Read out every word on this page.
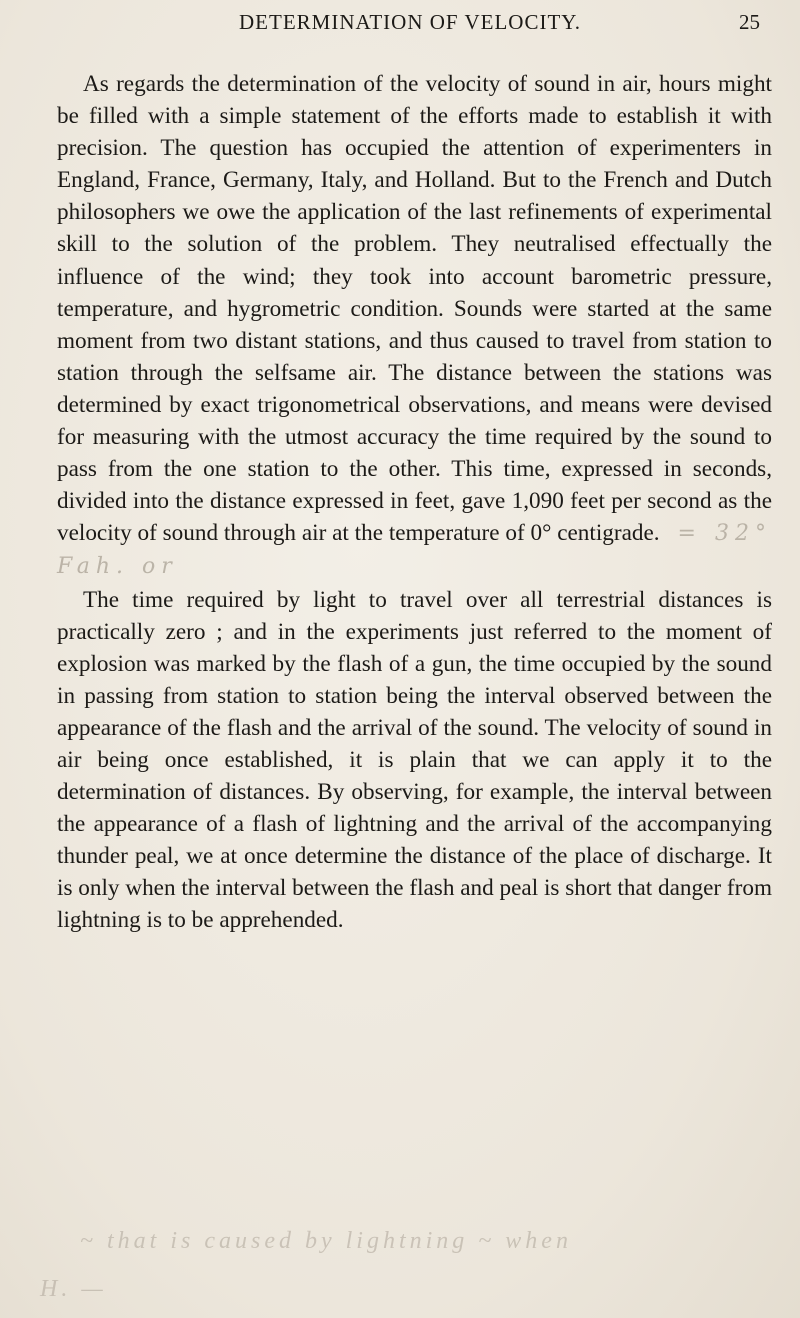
DETERMINATION OF VELOCITY.	25

As regards the determination of the velocity of sound in air, hours might be filled with a simple statement of the efforts made to establish it with precision. The question has occupied the attention of experimenters in England, France, Germany, Italy, and Holland. But to the French and Dutch philosophers we owe the application of the last refinements of experimental skill to the solution of the problem. They neutralised effectually the influence of the wind; they took into account barometric pressure, temperature, and hygrometric condition. Sounds were started at the same moment from two distant stations, and thus caused to travel from station to station through the selfsame air. The distance between the stations was determined by exact trigonometrical observations, and means were devised for measuring with the utmost accuracy the time required by the sound to pass from the one station to the other. This time, expressed in seconds, divided into the distance expressed in feet, gave 1,090 feet per second as the velocity of sound through air at the temperature of 0° centigrade. = 32° Fah. or

The time required by light to travel over all terrestrial distances is practically zero ; and in the experiments just referred to the moment of explosion was marked by the flash of a gun, the time occupied by the sound in passing from station to station being the interval observed between the appearance of the flash and the arrival of the sound. The velocity of sound in air being once established, it is plain that we can apply it to the determination of distances. By observing, for example, the interval between the appearance of a flash of lightning and the arrival of the accompanying thunder peal, we at once determine the distance of the place of discharge. It is only when the interval between the flash and peal is short that danger from lightning is to be apprehended.

~ that is caused by lightning ~ when
H. —
